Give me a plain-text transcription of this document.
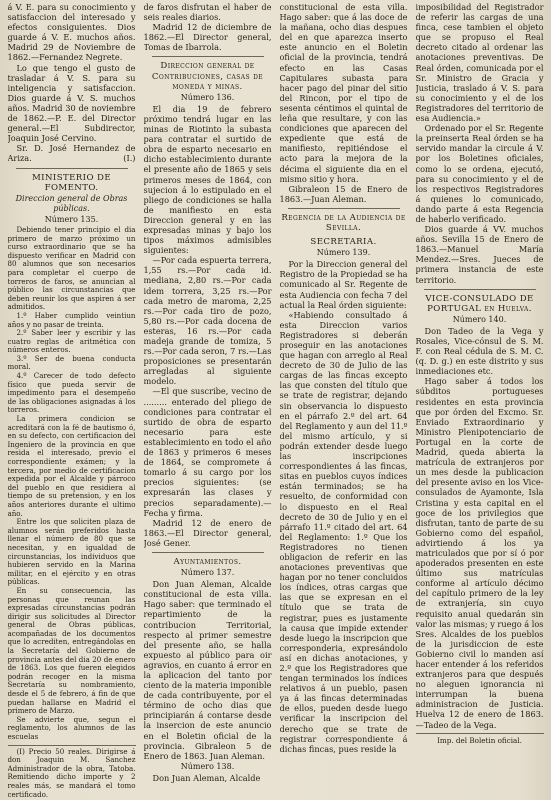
á V. E. para su conocimiento y satisfaccion del interesado y efectos consiguientes. Dios guarde á V. E. muchos años. Madrid 29 de Noviembre de 1862.—Fernandez Negrete.

Lo que tengo el gusto de trasladar á V. S. para su inteligencia y satisfaccion. Dios guarde á V. S. muchos años. Madrid 30 de noviembre de 1862.—P. E. del Director general.—El Subdirector, Joaquin José Cervino.

Sr. D. José Hernandez de Ariza.	(I.)

MINISTERIO DE FOMENTO.
Direccion general de Obras públicas.
Número 135.

Debiendo tener principio el dia primero de marzo próximo un curso extraordinario que se ha dispuesto verificar en Madrid con 80 alumnos que son necesarios para completar el cuerpo de torreros de faros, se anuncian al público las circunstancias que deben reunir los que aspiren á ser admitidos.

1.º Haber cumplido veintiun años y no pasar de treinta.

2.º Saber leer y escribir y las cuatro reglas de aritmética con números enteros.

3.º Ser de buena conducta moral.

4.º Carecer de todo defecto físico que pueda servir de impedimento para el desempeño de las obligaciones asignadas á los torreros.

La primera condicion se acreditará con la fé de bautismo ó, en su defecto, con certificacion del Ingeniero de la provincia en que resida el interesado, previo el correspondiente exámen; y la tercera, por medio de certificacion expedida por el Alcalde y párroco del pueblo en que residiera al tiempo de su pretension, y en los años anteriores durante el ultimo año.

Entre los que soliciten plaza de alumnos serán preferidos hasta llenar el número de 80 que se necesitan, y en igualdad de circunstancias, los individuos que hubieren servido en la Marina militar, en el ejército y en otras públicas.

En su consecuencia, las personas que reunan las expresadas circunstancias podrán dirigir sus solicitudes al Director general de Obras públicas, acompañadas de los documentos que lo acrediten, entregándolas en la Secretaría del Gobierno de provincia antes del dia 20 de enero de 1863. Los que fueren elegidos podrán recoger en la misma Secretaría su nombramiento, desde el 5 de febrero, á fin de que puedan hallarse en Madrid el primero de Marzo.

Se advierte que, segun el reglamento, los alumnos de las escuelas

(I) Precio 50 reales. Dirigirse á don Joaquin M. Sanchez Administrador de la obra, Tatoba. Remitiendo dicho importe y 2 reales más, se mandará el tomo certificado.

de faros disfrutan el haber de seis reales diarios.

Madrid 12 de diciembre de 1862.—El Director general, Tomas de Ibarrola.

Direccion general de Contribuciones, casas de moneda y minas.
Número 136.

El dia 19 de febrero próximo tendrá lugar en las minas de Riotinto la subasta para contratar el surtido de obra de esparto necesario en dicho establecimiento durante el presente año de 1865 y seis primeros meses de 1864, con sujecion á lo estipulado en el pliego de condiciones se halla de manifiesto en esta Direccion general y en las expresadas minas y bajo los tipos máximos admisibles siguientes:

—Por cada espuerta terrera, 1,55 rs.—Por cada id. mediana, 2,80 rs.—Por cada idem torrera, 3,25 rs.—Por cada metro de maroma, 2,25 rs.—Por cada tiro de pozo, 5,80 rs.—Por cada docena de esteras, 16 rs.—Por cada madeja grande de tomiza, 5 rs.—Por cada seron, 7 rs.—Las proposiciones se presentarán arregladas al siguiente modelo.

—El que suscribe, vecino de ......... enterado del pliego de condiciones para contratar el surtido de obra de esparto necesario para este establecimiento en todo el año de 1863 y primeros 6 meses de 1864, se compromete á tomarlo á su cargo por los precios siguientes: (se expresarán las clases y precios separadamente).—Fecha y firma.

Madrid 12 de enero de 1863.—El Director general, José Gener.

Ayuntamientos.
Número 137.

Don Juan Aleman, Alcalde constitucional de esta villa. Hago saber: que terminado el repartimiento de la contribucion Territorial, respecto al primer semestre del presente año, se halla expuesto al público para oir agravios, en cuanto á error en la aplicacion del tanto por ciento de la materia imponible de cada contribuyente, por el término de ocho dias que principiarán á contarse desde la insercion de este anuncio en el Boletin oficial de la provincia. Gibraleon 5 de Enero de 1863. Juan Aleman.

Número 138.

Don Juan Aleman, Alcalde

constitucional de esta villa. Hago saber: que á las doce de la mañana, ocho dias despues del en que aparezca inserto este anuncio en el Boletin oficial de la provincia, tendrá efecto en las Casas Capitulares subasta para hacer pago del pinar del sitio del Rincon, por el tipo de sesenta céntimos el quintal de leña que resultare, y con las condiciones que aparecen del expediente que está de manifiesto, repitiéndose el acto para la mejora de la décima el siguiente dia en el mismo sitio y hora.

Gibraleon 15 de Enero de 1863.—Juan Aleman.

Regencia de la Audiencia de Sevilla.
SECRETARIA.
Número 139.

Por la Direccion general del Registro de la Propiedad se ha comunicado al Sr. Regente de esta Audiencia con fecha 7 del actual la Real órden siguiente:

«Habiendo consultado á esta Direccion varios Registradores si deberán proseguir en las anotaciones que hagan con arreglo al Real decreto de 30 de Julio de las cargas de las fincas excepto las que consten del título que se trate de registrar, dejando sin observancia lo dispuesto en el párrafo 2.º del art. 64 del Reglamento y aun del 11.º del mismo artículo, y si podrán extender desde luego las inscripciones correspondientes á las fincas, sitas en pueblos cuyos índices están terminados; se ha resuelto, de conformidad con lo dispuesto en el Real decreto de 30 de Julio y en el párrafo 11.º citado del art. 64 del Reglamento: 1.º Que los Registradores no tienen obligacion de referir en las anotaciones preventivas que hagan por no tener concluidos los índices, otras cargas que las que se expresan en el título que se trata de registrar, pues es justamente la causa que impide extender desde luego la inscripcion que corresponderia, expresándolo así en dichas anotaciones, y 2.º que los Registradores que tengan terminados los índices relativos á un pueblo, pasen ya á las fincas determinadas de ellos, pueden desde luego verificar la inscripcion del derecho que se trate de registrar correspondiente á dichas fincas, pues reside la

imposibilidad del Registrador de referir las cargas de una finca, cese tambien el objeto que se propuso el Real decreto citado al ordenar las anotaciones preventivas. De Real órden, comunicada por el Sr. Ministro de Gracia y Justicia, traslado á V. S. para su conocimiento y el de los Registradores del territorio de esa Audiencia.»

Ordenado por el Sr. Regente la preinserta Real órden se ha servido mandar la circule á V. por los Boletines oficiales, como lo se ordena, ejecutó, para su conocimiento y el de los respectivos Registradores á quienes lo comunicado, dando parte á esta Regencia de haberlo verificado.

Dios guarde á VV. muchos años. Sevilla 15 de Enero de 1863.—Manuel María Mendez.—Sres. Jueces de primera instancia de este territorio.

VICE-CONSULADO DE PORTUGAL en Huelva.
Número 140.

Don Tadeo de la Vega y Rosales, Vice-cónsul de S. M. F. con Real cédula de S. M. C. (q. D. g.) en este distrito y sus inmediaciones etc.

Hago saber á todos los súbditos portugueses residentes en esta provincia que por órden del Excmo. Sr. Enviado Extraordinario y Ministro Plenipotenciario de Portugal en la corte de Madrid, queda abierta la matrícula de extranjeros por un mes desde la publicacion del presente aviso en los Vice-consulados de Ayamonte, Isla Cristina y esta capital en el goce de los privilegios que disfrutan, tanto de parte de su Gobierno como del español, advirtiendo á los ya matriculados que por sí ó por apoderados presenten en este último sus matrículas conforme al artículo décimo del capítulo primero de la ley de extranjería, sin cuyo requisito anual quedarán sin valor las mismas; y ruego á los Sres. Alcaldes de los pueblos de la jurisdiccion de este Gobierno civil lo manden así hacer entender á los referidos extranjeros para que después no aleguen ignorancia ni interrumpan la buena administracion de Justicia. Huelva 12 de enero de 1863.—Tadeo de la Vega.

Imp. del Boletin oficial.
